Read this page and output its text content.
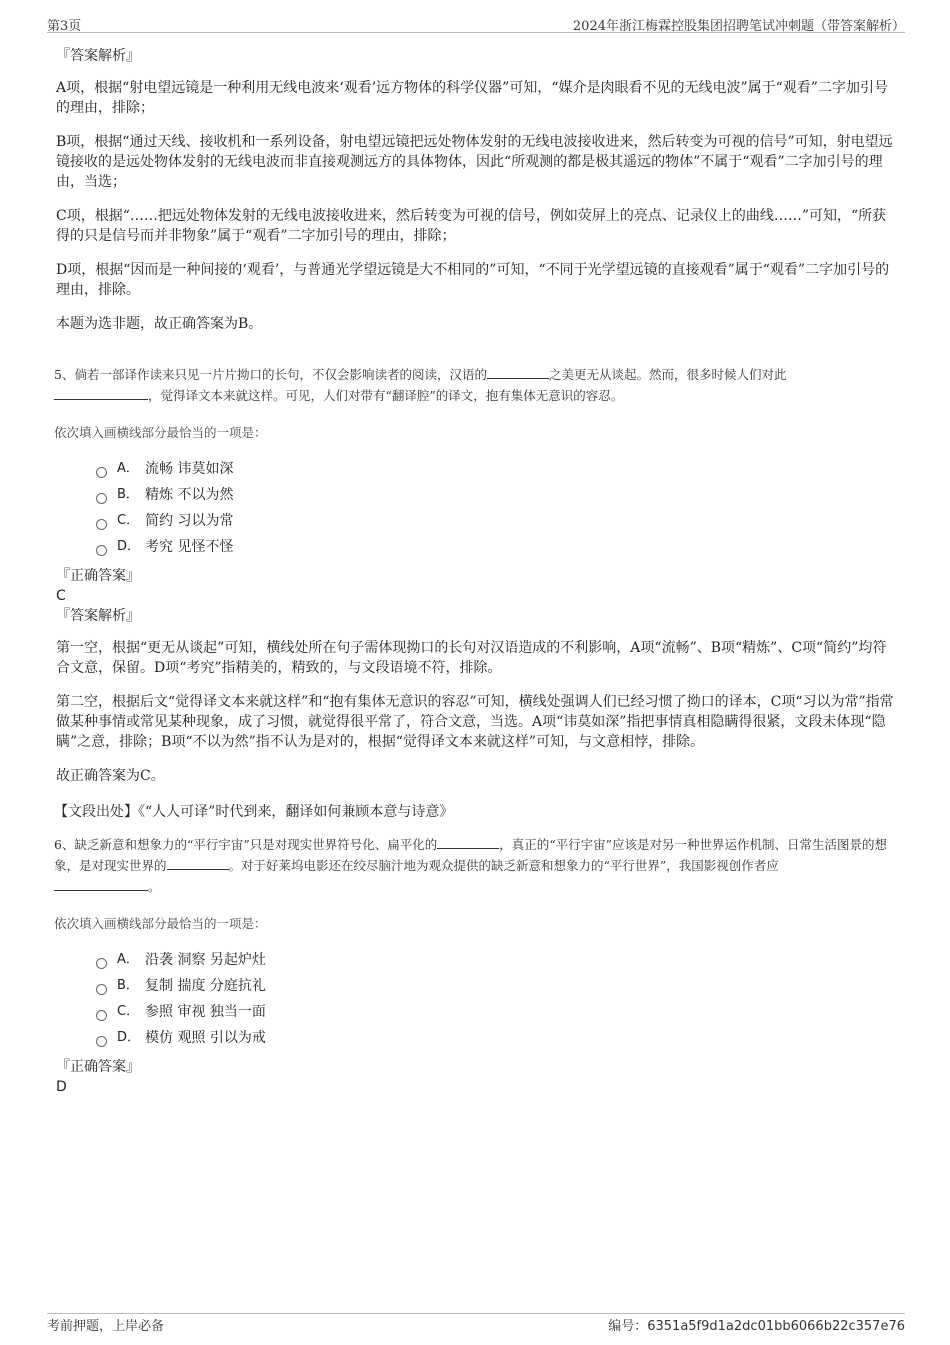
第3页	2024年浙江梅霖控股集团招聘笔试冲刺题（带答案解析）

『答案解析』

A项，根据“射电望远镜是一种利用无线电波来‘观看’远方物体的科学仪器”可知，“媒介是肉眼看不见的无线电波”属于“观看”二字加引号的理由，排除；

B项，根据“通过天线、接收机和一系列设备，射电望远镜把远处物体发射的无线电波接收进来，然后转变为可视的信号”可知，射电望远镜接收的是远处物体发射的无线电波而非直接观测远方的具体物体，因此“所观测的都是极其遥远的物体”不属于“观看”二字加引号的理由，当选；

C项，根据“……把远处物体发射的无线电波接收进来，然后转变为可视的信号，例如荧屏上的亮点、记录仪上的曲线……”可知，“所获得的只是信号而并非物象”属于“观看”二字加引号的理由，排除；

D项，根据“因而是一种间接的‘观看’，与普通光学望远镜是大不相同的”可知，“不同于光学望远镜的直接观看”属于“观看”二字加引号的理由，排除。

本题为选非题，故正确答案为B。

5、倘若一部译作读来只见一片片拗口的长句，不仅会影响读者的阅读，汉语的	之美更无从谈起。然而，很多时候人们对此
，觉得译文本来就这样。可见，人们对带有“翻译腔”的译文，抱有集体无意识的容忍。

依次填入画横线部分最恰当的一项是：

A． 流畅 讳莫如深
B． 精炼 不以为然
C． 简约 习以为常
D． 考究 见怪不怪

『正确答案』

C

『答案解析』

第一空，根据“更无从谈起”可知，横线处所在句子需体现拗口的长句对汉语造成的不利影响，A项“流畅”、B项“精炼”、C项“简约”均符合文意，保留。D项“考究”指精美的，精致的，与文段语境不符，排除。

第二空，根据后文“觉得译文本来就这样”和“抱有集体无意识的容忍”可知，横线处强调人们已经习惯了拗口的译本，C项“习以为常”指常做某种事情或常见某种现象，成了习惯，就觉得很平常了，符合文意，当选。A项“讳莫如深”指把事情真相隐瞒得很紧，文段未体现“隐瞒”之意，排除；B项“不以为然”指不认为是对的，根据“觉得译文本来就这样”可知，与文意相悖，排除。

故正确答案为C。

【文段出处】《“人人可译”时代到来，翻译如何兼顾本意与诗意》

6、缺乏新意和想象力的“平行宇宙”只是对现实世界符号化、扁平化的	，真正的“平行宇宙”应该是对另一种世界运作机制、日常生活图景的想象，是对现实世界的	。对于好莱坞电影还在绞尽脑汁地为观众提供的缺乏新意和想象力的“平行世界”，我国影视创作者应
。

依次填入画横线部分最恰当的一项是：

A． 沿袭 洞察 另起炉灶
B． 复制 揣度 分庭抗礼
C． 参照 审视 独当一面
D． 模仿 观照 引以为戒

『正确答案』

D

考前押题，上岸必备	编号：6351a5f9d1a2dc01bb6066b22c357e76
